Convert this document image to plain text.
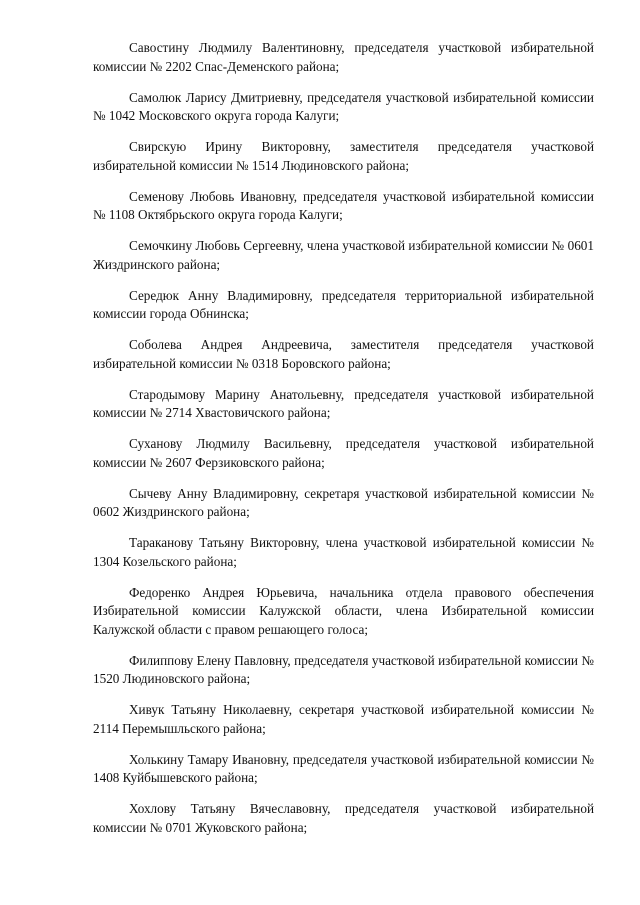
Савостину Людмилу Валентиновну, председателя участковой избирательной комиссии № 2202 Спас-Деменского района;

Самолюк Ларису Дмитриевну, председателя участковой избирательной комиссии № 1042 Московского округа города Калуги;

Свирскую Ирину Викторовну, заместителя председателя участковой избирательной комиссии № 1514 Людиновского района;

Семенову Любовь Ивановну, председателя участковой избирательной комиссии № 1108 Октябрьского округа города Калуги;

Семочкину Любовь Сергеевну, члена участковой избирательной комиссии № 0601 Жиздринского района;

Середюк Анну Владимировну, председателя территориальной избирательной комиссии города Обнинска;

Соболева Андрея Андреевича, заместителя председателя участковой избирательной комиссии № 0318 Боровского района;

Стародымову Марину Анатольевну, председателя участковой избирательной комиссии № 2714 Хвастовичского района;

Суханову Людмилу Васильевну, председателя участковой избирательной комиссии № 2607 Ферзиковского района;

Сычеву Анну Владимировну, секретаря участковой избирательной комиссии № 0602 Жиздринского района;

Тараканову Татьяну Викторовну, члена участковой избирательной комиссии № 1304 Козельского района;

Федоренко Андрея Юрьевича, начальника отдела правового обеспечения Избирательной комиссии Калужской области, члена Избирательной комиссии Калужской области с правом решающего голоса;

Филиппову Елену Павловну, председателя участковой избирательной комиссии № 1520 Людиновского района;

Хивук Татьяну Николаевну, секретаря участковой избирательной комиссии № 2114 Перемышльского района;

Холькину Тамару Ивановну, председателя участковой избирательной комиссии № 1408 Куйбышевского района;

Хохлову Татьяну Вячеславовну, председателя участковой избирательной комиссии № 0701 Жуковского района;
